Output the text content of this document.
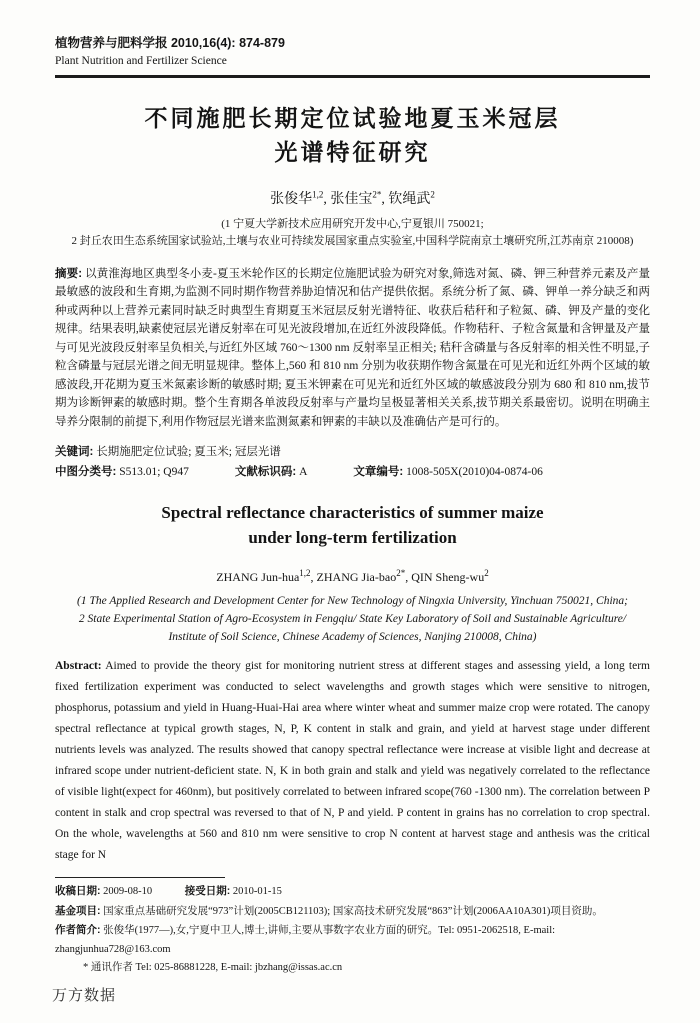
植物营养与肥料学报 2010,16(4): 874-879
Plant Nutrition and Fertilizer Science
不同施肥长期定位试验地夏玉米冠层
光谱特征研究
张俊华$^{1,2}$, 张佳宝$^{2*}$, 钦绳武$^2$
(1 宁夏大学新技术应用研究开发中心,宁夏银川 750021;
2 封丘农田生态系统国家试验站,土壤与农业可持续发展国家重点实验室,中国科学院南京土壤研究所,江苏南京 210008)

摘要: 以黄淮海地区典型冬小麦-夏玉米轮作区的长期定位施肥试验为研究对象,筛选对氮、磷、钾三种营养元素及产量最敏感的波段和生育期,为监测不同时期作物营养胁迫情况和估产提供依据。系统分析了氮、磷、钾单一养分缺乏和两种或两种以上营养元素同时缺乏时典型生育期夏玉米冠层反射光谱特征、收获后秸秆和子粒氮、磷、钾及产量的变化规律。结果表明,缺素使冠层光谱反射率在可见光波段增加,在近红外波段降低。作物秸秆、子粒含氮量和含钾量及产量与可见光波段反射率呈负相关,与近红外区域 760～1300 nm 反射率呈正相关; 秸秆含磷量与各反射率的相关性不明显,子粒含磷量与冠层光谱之间无明显规律。整体上,560 和 810 nm 分别为收获期作物含氮量在可见光和近红外两个区域的敏感波段,开花期为夏玉米氮素诊断的敏感时期; 夏玉米钾素在可见光和近红外区域的敏感波段分别为 680 和 810 nm,拔节期为诊断钾素的敏感时期。整个生育期各单波段反射率与产量均呈极显著相关关系,拔节期关系最密切。说明在明确主导养分限制的前提下,利用作物冠层光谱来监测氮素和钾素的丰缺以及准确估产是可行的。

关键词: 长期施肥定位试验; 夏玉米; 冠层光谱
中图分类号: S513.01; Q947	文献标识码: A	文章编号: 1008-505X(2010)04-0874-06
Spectral reflectance characteristics of summer maize
under long-term fertilization
ZHANG Jun-hua$^{1,2}$, ZHANG Jia-bao$^{2*}$, QIN Sheng-$wu^2$
(1 The Applied Research and Development Center for New Technology of Ningxia University, Yinchuan 750021, China;
2 State Experimental Station of Agro-Ecosystem in Fengqiu/ State Key Laboratory of Soil and Sustainable Agriculture/
Institute of Soil Science, Chinese Academy of Sciences, Nanjing 210008, China)

Abstract: Aimed to provide the theory gist for monitoring nutrient stress at different stages and assessing yield, a long term fixed fertilization experiment was conducted to select wavelengths and growth stages which were sensitive to nitrogen, phosphorus, potassium and yield in Huang-Huai-Hai area where winter wheat and summer maize crop were rotated. The canopy spectral reflectance at typical growth stages, N, P, K content in stalk and grain, and yield at harvest stage under different nutrients levels was analyzed. The results showed that canopy spectral reflectance were increase at visible light and decrease at infrared scope under nutrient-deficient state. N, K in both grain and stalk and yield was negatively correlated to the reflectance of visible light(expect for 460nm), but positively correlated to between infrared scope(760 -1300 nm). The correlation between P content in stalk and crop spectral was reversed to that of N, P and yield. P content in grains has no correlation to crop spectral. On the whole, wavelengths at 560 and 810 nm were sensitive to crop N content at harvest stage and anthesis was the critical stage for N

收稿日期: 2009-08-10	接受日期: 2010-01-15
基金项目: 国家重点基础研究发展“973”计划(2005CB121103); 国家高技术研究发展“863”计划(2006AA10A301)项目资助。
作者简介: 张俊华(1977—),女,宁夏中卫人,博士,讲师,主要从事数字农业方面的研究。Tel: 0951-2062518, E-mail: zhangjunhua728@163.com
* 通讯作者 Tel: 025-86881228, E-mail: jbzhang@issas.ac.cn
万方数据
